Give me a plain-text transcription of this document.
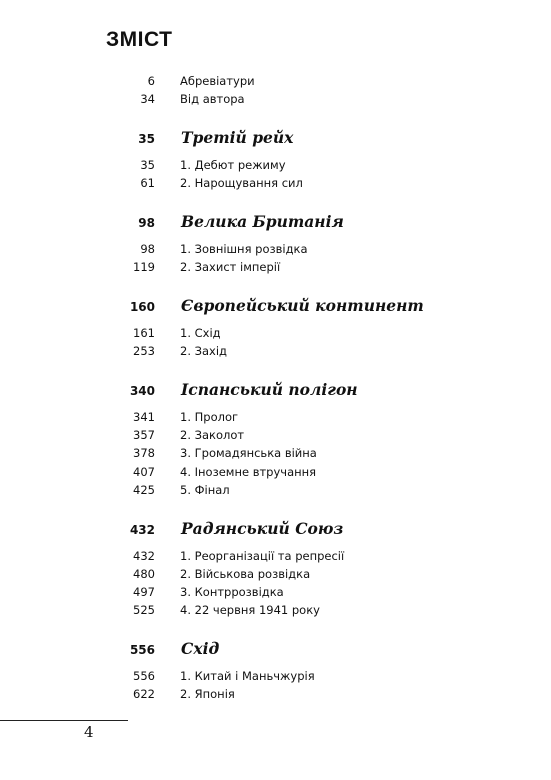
ЗМІСТ
6 Абревіатури
34 Від автора
35 Третій рейх
35 1. Дебют режиму
61 2. Нарощування сил
98 Велика Британія
98 1. Зовнішня розвідка
119 2. Захист імперії
160 Європейський континент
161 1. Схід
253 2. Захід
340 Іспанський полігон
341 1. Пролог
357 2. Заколот
378 3. Громадянська війна
407 4. Іноземне втручання
425 5. Фінал
432 Радянський Союз
432 1. Реорганізації та репресії
480 2. Військова розвідка
497 3. Контррозвідка
525 4. 22 червня 1941 року
556 Схід
556 1. Китай і Маньчжурія
622 2. Японія
4
